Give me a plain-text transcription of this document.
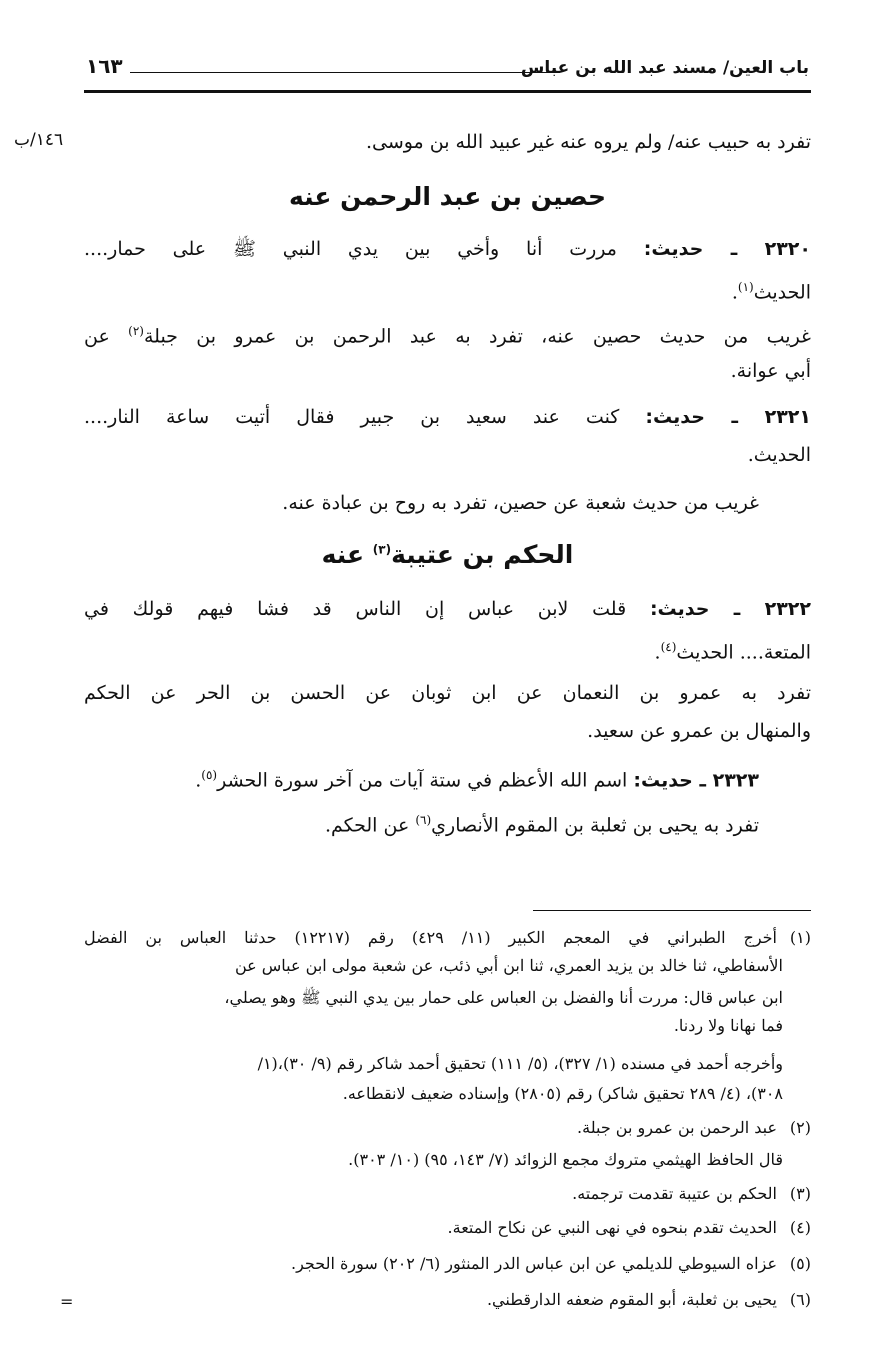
باب العين/ مسند عبد الله بن عباس
١٦٣
١٤٦/ب	تفرد به حبيب عنه/ ولم يروه عنه غير عبيد الله بن موسى.
حصين بن عبد الرحمن عنه
٢٣٢٠ ـ حديث: مررت أنا وأخي بين يدي النبي ﷺ على حمار....
الحديث$^{(١)}$.
غريب من حديث حصين عنه، تفرد به عبد الرحمن بن عمرو بن جبلة$^{(٢)}$ عن
أبي عوانة.
٢٣٢١ ـ حديث: كنت عند سعيد بن جبير فقال أتيت ساعة النار....
الحديث.
غريب من حديث شعبة عن حصين، تفرد به روح بن عبادة عنه.
الحكم بن عتيبة$^{(٣)}$ عنه
٢٣٢٢ ـ حديث: قلت لابن عباس إن الناس قد فشا فيهم قولك في
المتعة.... الحديث$^{(٤)}$.
تفرد به عمرو بن النعمان عن ابن ثوبان عن الحسن بن الحر عن الحكم
والمنهال بن عمرو عن سعيد.
٢٣٢٣ ـ حديث: اسم الله الأعظم في ستة آيات من آخر سورة الحشر$^{(٥)}$.
تفرد به يحيى بن ثعلبة بن المقوم الأنصاري$^{(٦)}$ عن الحكم.
(١)أخرج الطبراني في المعجم الكبير (١١/ ٤٢٩) رقم (١٢٢١٧) حدثنا العباس بن الفضل
الأسفاطي، ثنا خالد بن يزيد العمري، ثنا ابن أبي ذئب، عن شعبة مولى ابن عباس عن
ابن عباس قال: مررت أنا والفضل بن العباس على حمار بين يدي النبي ﷺ وهو يصلي،
فما نهانا ولا ردنا.
وأخرجه أحمد في مسنده (١/ ٣٢٧)، (٥/ ١١١) تحقيق أحمد شاكر رقم (٩/ ٣٠)،(١/
٣٠٨)، (٤/ ٢٨٩ تحقيق شاكر) رقم (٢٨٠٥) وإسناده ضعيف لانقطاعه.
(٢)عبد الرحمن بن عمرو بن جبلة.
قال الحافظ الهيثمي متروك مجمع الزوائد (٧/ ١٤٣، ٩٥) (١٠/ ٣٠٣).
(٣)الحكم بن عتيبة تقدمت ترجمته.
(٤)الحديث تقدم بنحوه في نهى النبي عن نكاح المتعة.
(٥)عزاه السيوطي للديلمي عن ابن عباس الدر المنثور (٦/ ٢٠٢) سورة الحجر.
(٦)يحيى بن ثعلبة، أبو المقوم ضعفه الدارقطني.
=
